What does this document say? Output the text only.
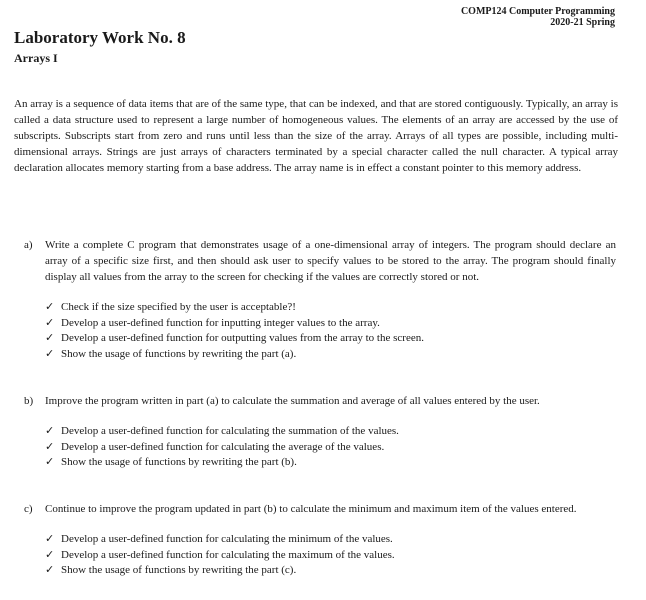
COMP124 Computer Programming
2020-21 Spring
Laboratory Work No. 8
Arrays I

An array is a sequence of data items that are of the same type, that can be indexed, and that are stored contiguously. Typically, an array is called a data structure used to represent a large number of homogeneous values. The elements of an array are accessed by the use of subscripts. Subscripts start from zero and runs until less than the size of the array. Arrays of all types are possible, including multi-dimensional arrays. Strings are just arrays of characters terminated by a special character called the null character. A typical array declaration allocates memory starting from a base address. The array name is in effect a constant pointer to this memory address.

a) Write a complete C program that demonstrates usage of a one-dimensional array of integers. The program should declare an array of a specific size first, and then should ask user to specify values to be stored to the array. The program should finally display all values from the array to the screen for checking if the values are correctly stored or not.

✓ Check if the size specified by the user is acceptable?!
✓ Develop a user-defined function for inputting integer values to the array.
✓ Develop a user-defined function for outputting values from the array to the screen.
✓ Show the usage of functions by rewriting the part (a).
b) Improve the program written in part (a) to calculate the summation and average of all values entered by the user.

✓ Develop a user-defined function for calculating the summation of the values.
✓ Develop a user-defined function for calculating the average of the values.
✓ Show the usage of functions by rewriting the part (b).
c) Continue to improve the program updated in part (b) to calculate the minimum and maximum item of the values entered.

✓ Develop a user-defined function for calculating the minimum of the values.
✓ Develop a user-defined function for calculating the maximum of the values.
✓ Show the usage of functions by rewriting the part (c).
